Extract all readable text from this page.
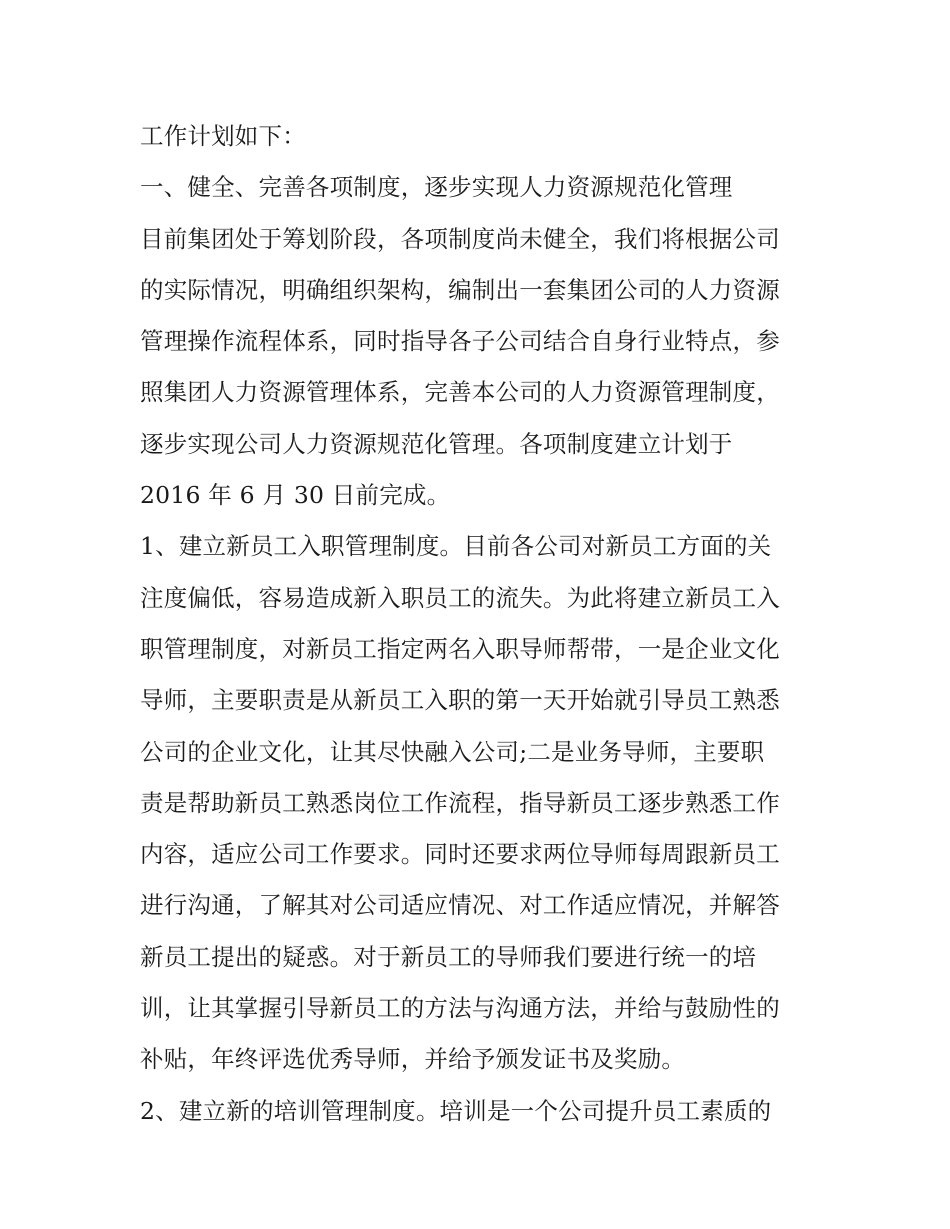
工作计划如下：
一、健全、完善各项制度，逐步实现人力资源规范化管理
目前集团处于筹划阶段，各项制度尚未健全，我们将根据公司
的实际情况，明确组织架构，编制出一套集团公司的人力资源
管理操作流程体系，同时指导各子公司结合自身行业特点，参
照集团人力资源管理体系，完善本公司的人力资源管理制度，
逐步实现公司人力资源规范化管理。各项制度建立计划于
2016 年 6 月 30 日前完成。
1、建立新员工入职管理制度。目前各公司对新员工方面的关
注度偏低，容易造成新入职员工的流失。为此将建立新员工入
职管理制度，对新员工指定两名入职导师帮带，一是企业文化
导师，主要职责是从新员工入职的第一天开始就引导员工熟悉
公司的企业文化，让其尽快融入公司;二是业务导师，主要职
责是帮助新员工熟悉岗位工作流程，指导新员工逐步熟悉工作
内容，适应公司工作要求。同时还要求两位导师每周跟新员工
进行沟通，了解其对公司适应情况、对工作适应情况，并解答
新员工提出的疑惑。对于新员工的导师我们要进行统一的培
训，让其掌握引导新员工的方法与沟通方法，并给与鼓励性的
补贴，年终评选优秀导师，并给予颁发证书及奖励。
2、建立新的培训管理制度。培训是一个公司提升员工素质的
